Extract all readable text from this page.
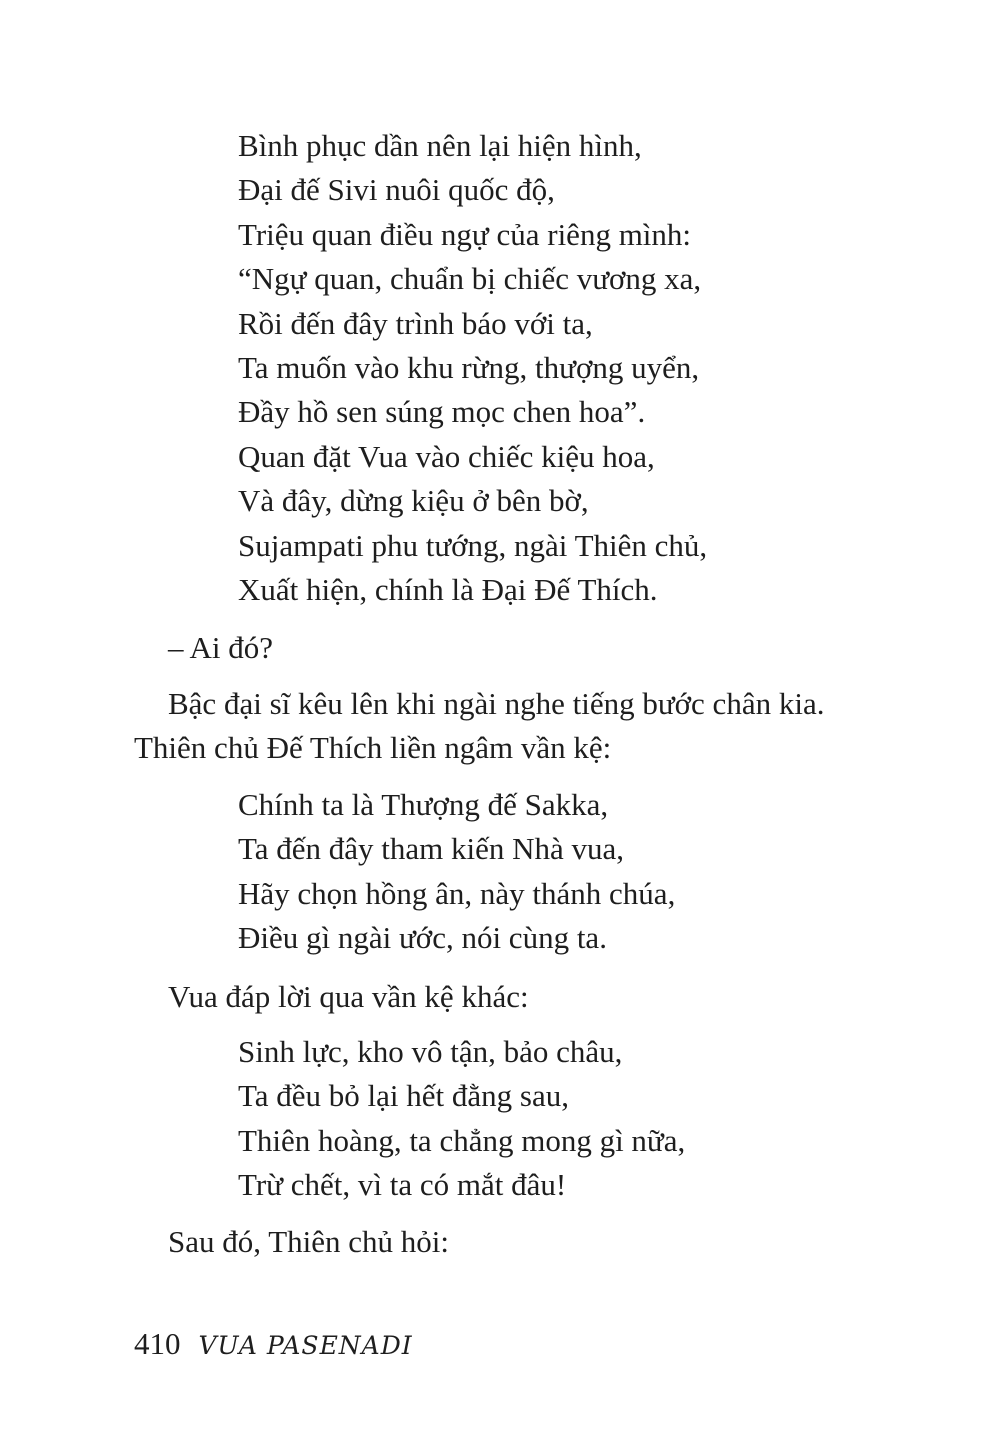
Bình phục dần nên lại hiện hình,
Đại đế Sivi nuôi quốc độ,
Triệu quan điều ngự của riêng mình:
“Ngự quan, chuẩn bị chiếc vương xa,
Rồi đến đây trình báo với ta,
Ta muốn vào khu rừng, thượng uyển,
Đầy hồ sen súng mọc chen hoa”.
Quan đặt Vua vào chiếc kiệu hoa,
Và đây, dừng kiệu ở bên bờ,
Sujampati phu tướng, ngài Thiên chủ,
Xuất hiện, chính là Đại Đế Thích.

– Ai đó?

Bậc đại sĩ kêu lên khi ngài nghe tiếng bước chân kia.
Thiên chủ Đế Thích liền ngâm vần kệ:

Chính ta là Thượng đế Sakka,
Ta đến đây tham kiến Nhà vua,
Hãy chọn hồng ân, này thánh chúa,
Điều gì ngài ước, nói cùng ta.

Vua đáp lời qua vần kệ khác:

Sinh lực, kho vô tận, bảo châu,
Ta đều bỏ lại hết đằng sau,
Thiên hoàng, ta chẳng mong gì nữa,
Trừ chết, vì ta có mắt đâu!

Sau đó, Thiên chủ hỏi:

410 VUA PASENADI
